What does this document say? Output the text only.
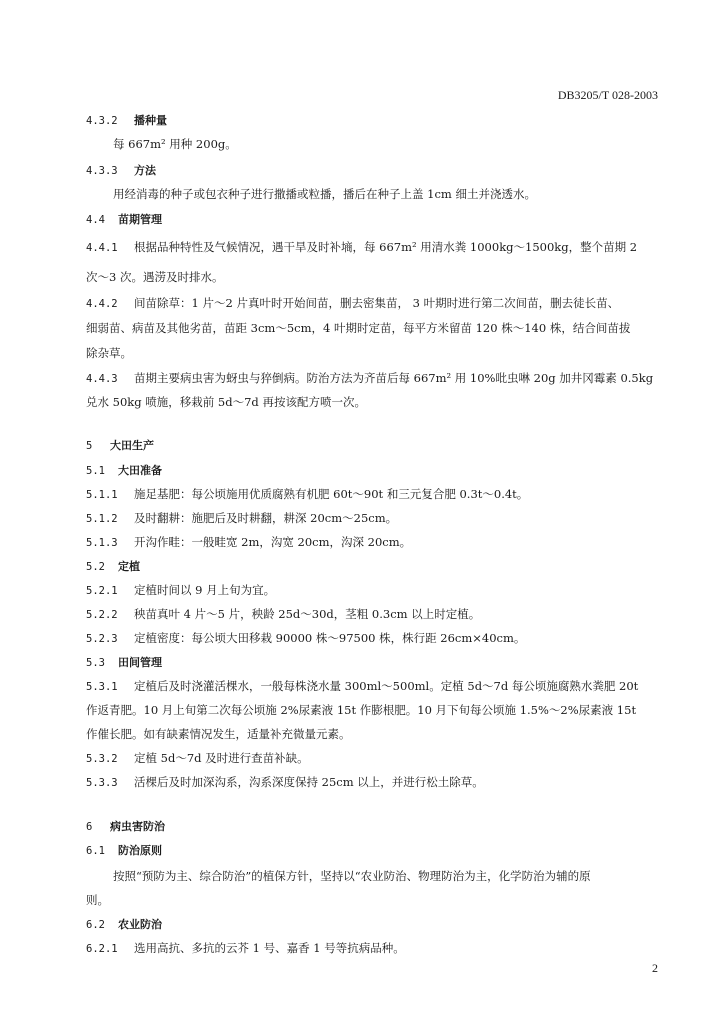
DB3205/T 028-2003
4.3.2 播种量
每 667m² 用种 200g。
4.3.3 方法
用经消毒的种子或包衣种子进行撒播或粒播，播后在种子上盖 1cm 细土并浇透水。
4.4 苗期管理
4.4.1 根据品种特性及气候情况，遇干旱及时补墒，每 667m² 用清水粪 1000kg～1500kg，整个苗期 2
次～3 次。遇涝及时排水。
4.4.2 间苗除草：1 片～2 片真叶时开始间苗，删去密集苗， 3 叶期时进行第二次间苗，删去徒长苗、
细弱苗、病苗及其他劣苗，苗距 3cm～5cm，4 叶期时定苗，每平方米留苗 120 株～140 株，结合间苗拔
除杂草。
4.4.3 苗期主要病虫害为蚜虫与猝倒病。防治方法为齐苗后每 667m² 用 10%吡虫啉 20g 加井冈霉素 0.5kg
兑水 50kg 喷施，移栽前 5d～7d 再按该配方喷一次。
5 大田生产
5.1 大田准备
5.1.1 施足基肥：每公顷施用优质腐熟有机肥 60t～90t 和三元复合肥 0.3t～0.4t。
5.1.2 及时翻耕：施肥后及时耕翻，耕深 20cm～25cm。
5.1.3 开沟作畦：一般畦宽 2m，沟宽 20cm，沟深 20cm。
5.2 定植
5.2.1 定植时间以 9 月上旬为宜。
5.2.2 秧苗真叶 4 片～5 片，秧龄 25d～30d，茎粗 0.3cm 以上时定植。
5.2.3 定植密度：每公顷大田移栽 90000 株～97500 株，株行距 26cm×40cm。
5.3 田间管理
5.3.1 定植后及时浇灌活棵水，一般每株浇水量 300ml～500ml。定植 5d～7d 每公顷施腐熟水粪肥 20t
作返青肥。10 月上旬第二次每公顷施 2%尿素液 15t 作膨根肥。10 月下旬每公顷施 1.5%～2%尿素液 15t
作催长肥。如有缺素情况发生，适量补充微量元素。
5.3.2 定植 5d～7d 及时进行查苗补缺。
5.3.3 活棵后及时加深沟系，沟系深度保持 25cm 以上，并进行松土除草。
6 病虫害防治
6.1 防治原则
按照“预防为主、综合防治”的植保方针，坚持以“农业防治、物理防治为主，化学防治为辅的原
则。
6.2 农业防治
6.2.1 选用高抗、多抗的云芥 1 号、嘉香 1 号等抗病品种。
2
